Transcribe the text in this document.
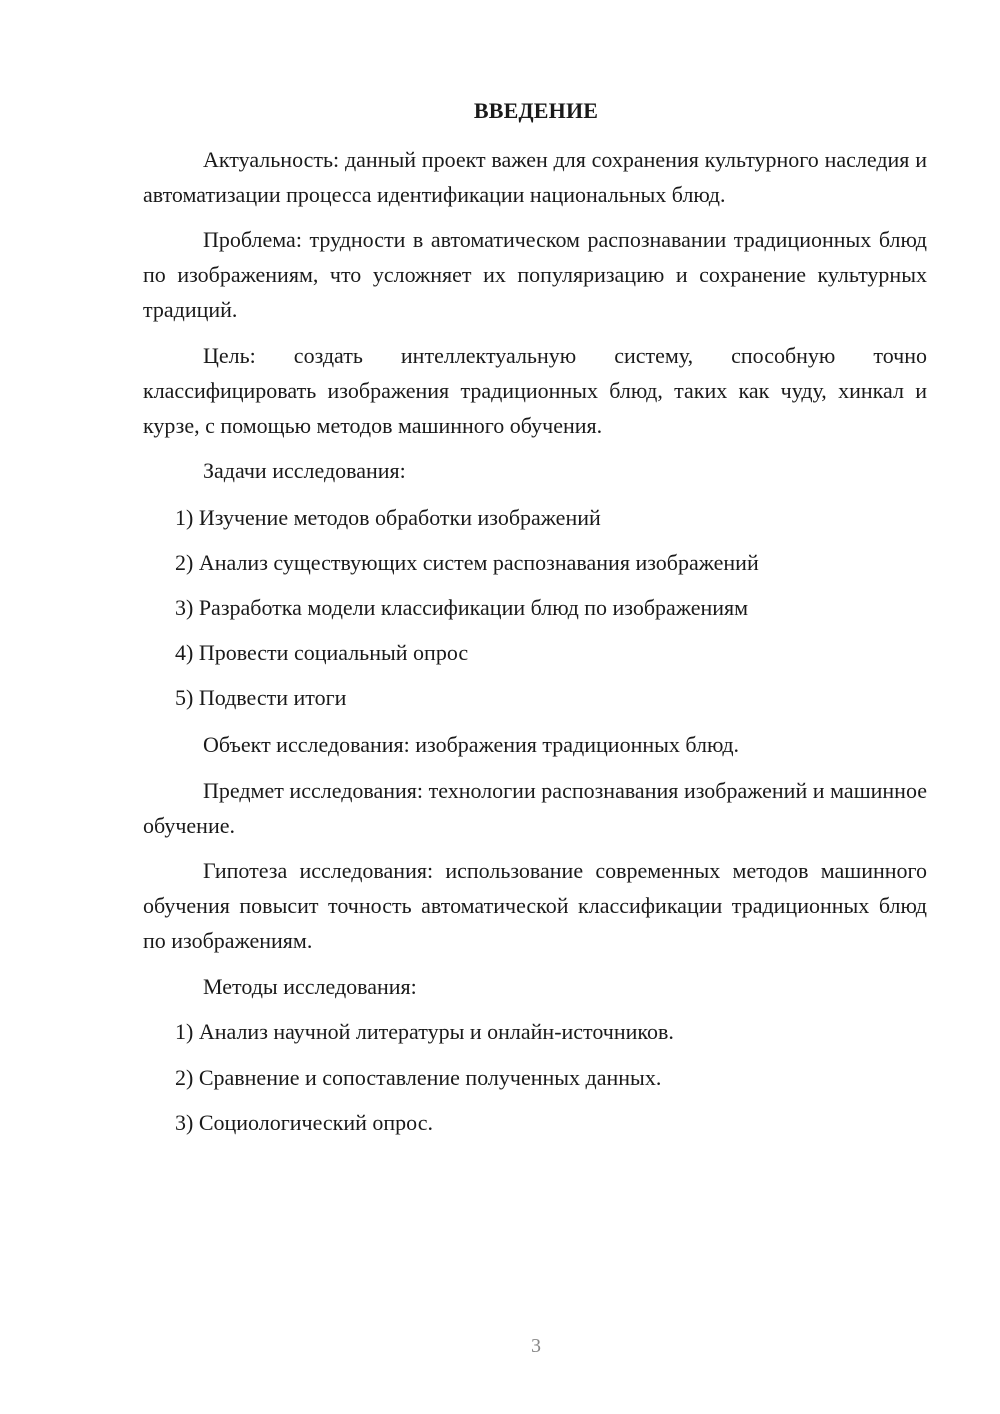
ВВЕДЕНИЕ

Актуальность: данный проект важен для сохранения культурного наследия и автоматизации процесса идентификации национальных блюд.

Проблема: трудности в автоматическом распознавании традиционных блюд по изображениям, что усложняет их популяризацию и сохранение культурных традиций.

Цель: создать интеллектуальную систему, способную точно классифицировать изображения традиционных блюд, таких как чуду, хинкал и курзе, с помощью методов машинного обучения.

Задачи исследования:

1) Изучение методов обработки изображений

2) Анализ существующих систем распознавания изображений

3) Разработка модели классификации блюд по изображениям

4) Провести социальный опрос

5) Подвести итоги

Объект исследования: изображения традиционных блюд.

Предмет исследования: технологии распознавания изображений и машинное обучение.

Гипотеза исследования: использование современных методов машинного обучения повысит точность автоматической классификации традиционных блюд по изображениям.

Методы исследования:

1) Анализ научной литературы и онлайн-источников.

2) Сравнение и сопоставление полученных данных.

3) Социологический опрос.

3
